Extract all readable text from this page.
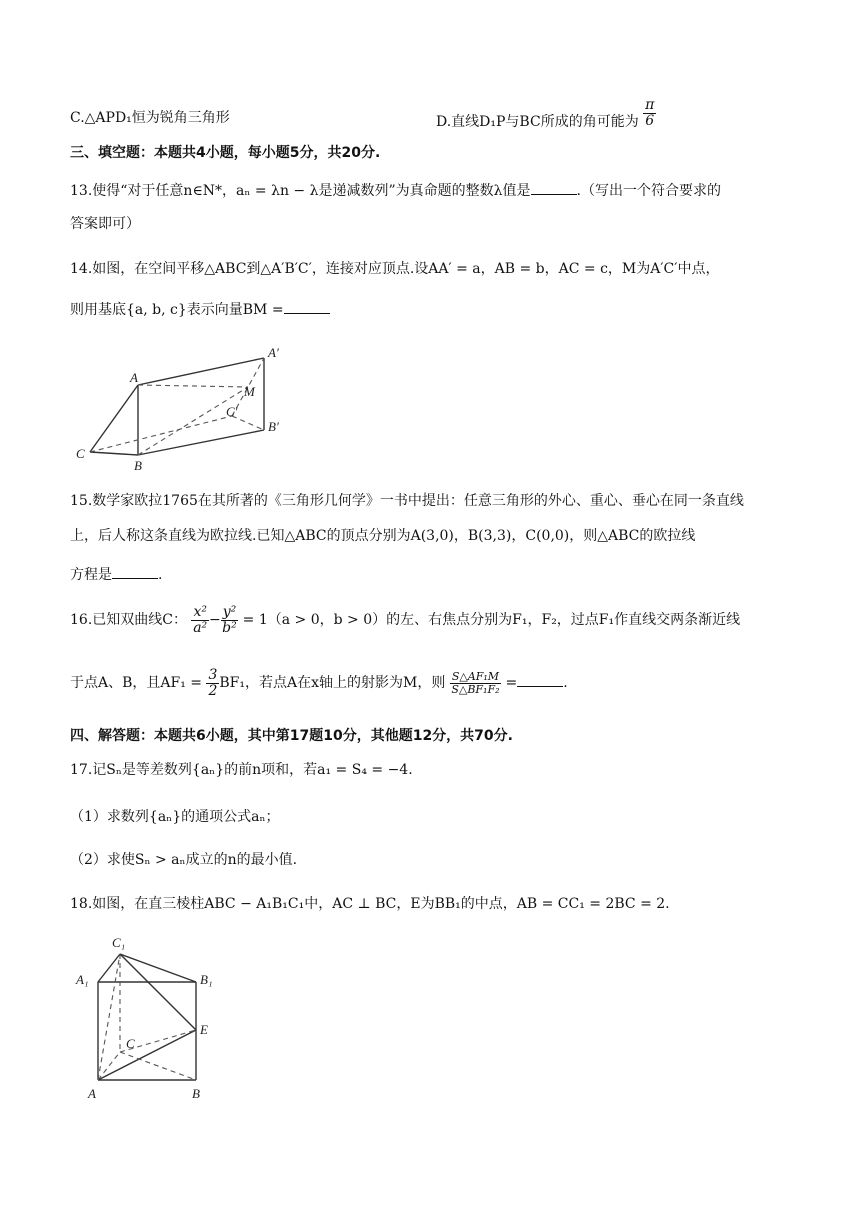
C.△APD₁恒为锐角三角形	D.直线D₁P与BC所成的角可能为 $\frac{\pi}{6}$
三、填空题：本题共4小题，每小题5分，共20分.
13.使得“对于任意n∈N*，aₙ = λn − λ是递减数列”为真命题的整数λ值是	.（写出一个符合要求的
答案即可）
14.如图，在空间平移△ABC到△A′B′C′，连接对应顶点.设AA′ = a，AB = b，AC = c，M为A′C′中点，
则用基底{a, b, c}表示向量BM =
A
A′
M
C′
B′
C
B
15.数学家欧拉1765在其所著的《三角形几何学》一书中提出：任意三角形的外心、重心、垂心在同一条直线
上，后人称这条直线为欧拉线.已知△ABC的顶点分别为A(3,0)，B(3,3)，C(0,0)，则△ABC的欧拉线
方程是	.
16.已知双曲线C： $\frac{\text{x²}}{\text{a²}} - \frac{\text{y²}}{\text{b²}} = 1(a > 0$，b > 0）的左、右焦点分别为F₁，F₂，过点F₁作直线交两条渐近线
于点A、B，且$AF_1 = \frac{3}{2} BF_1$，若点A在x轴上的射影为M，则 $\frac{\text{S△AF₁M}}{\text{S△BF₁F₂}}$ =	.
四、解答题：本题共6小题，其中第17题10分，其他题12分，共70分.
17.记Sₙ是等差数列{aₙ}的前n项和，若a₁ = S₄ = −4.
（1）求数列{aₙ}的通项公式aₙ；
（2）求使Sₙ > aₙ成立的n的最小值.
18.如图，在直三棱柱ABC − A₁B₁C₁中，AC ⊥ BC，E为BB₁的中点，AB = CC₁ = 2BC = 2.
C₁
A₁	B₁
E
C
A	B
